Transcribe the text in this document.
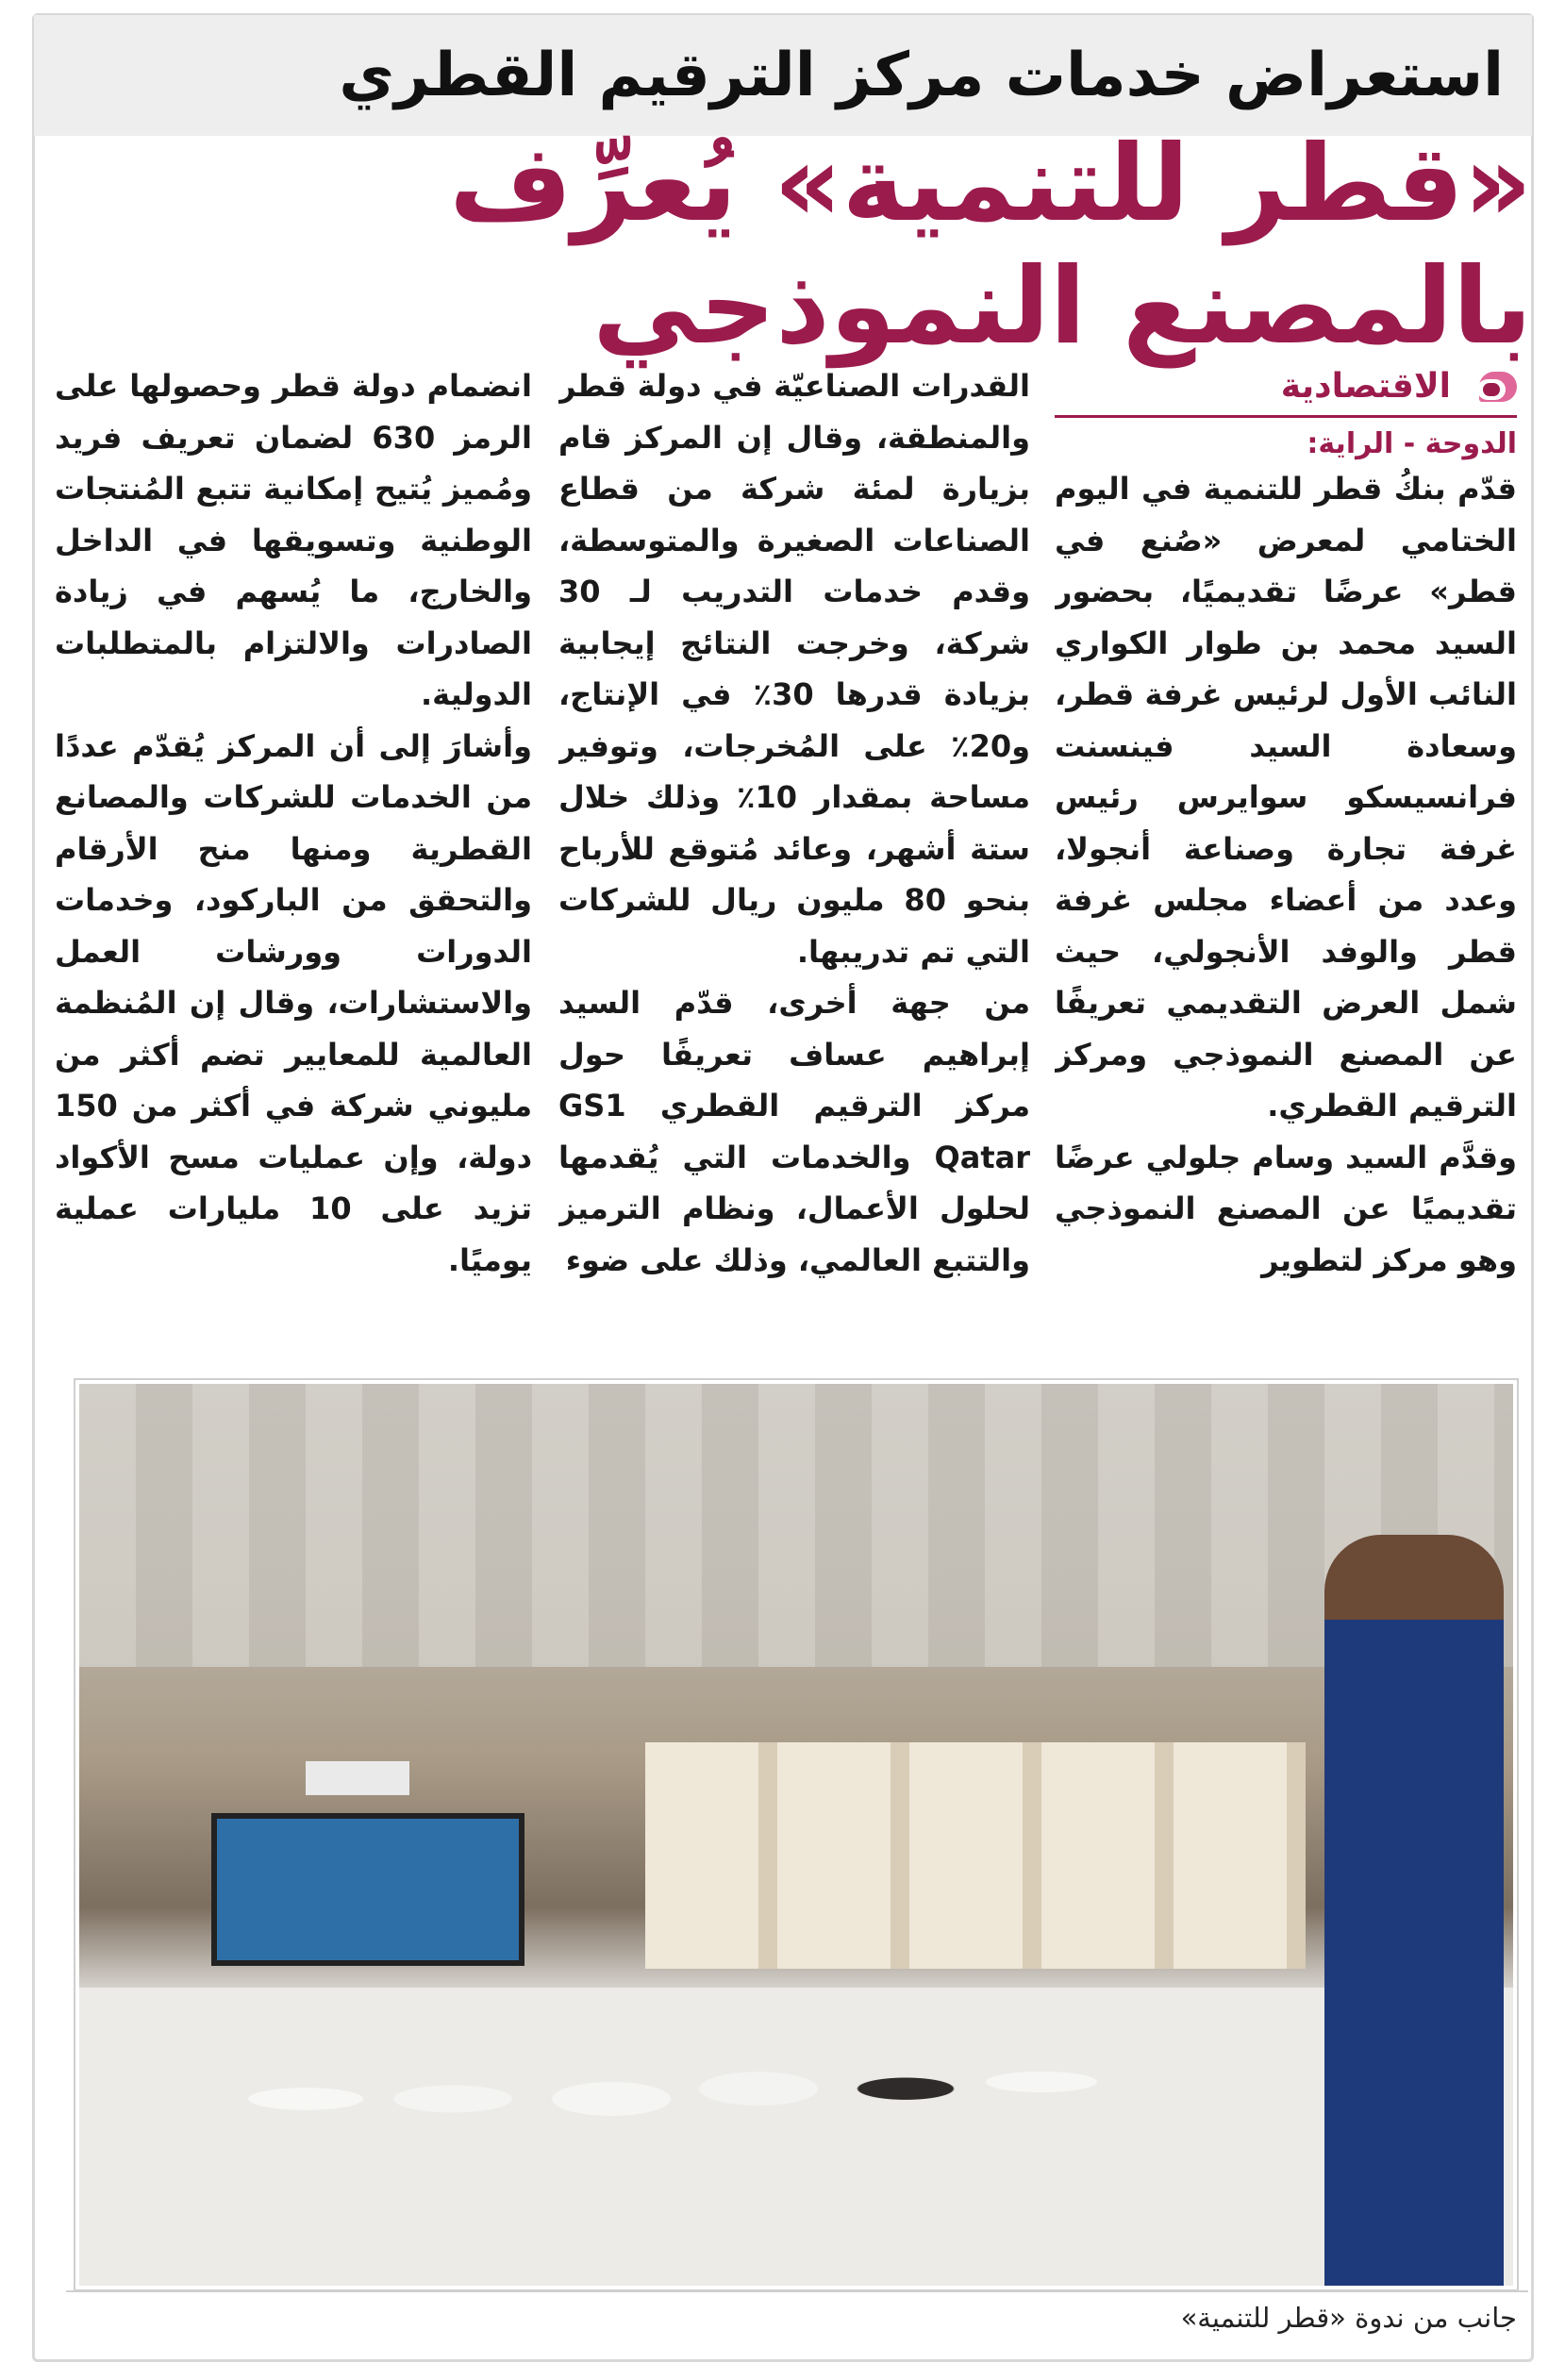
استعراض خدمات مركز الترقيم القطري
«قطر للتنمية» يُعرِّف بالمصنع النموذجي
الاقتصادية
الدوحة - الراية:

قدّم بنكُ قطر للتنمية في اليوم الختامي لمعرض «صُنع في قطر» عرضًا تقديميًا، بحضور السيد محمد بن طوار الكواري النائب الأول لرئيس غرفة قطر، وسعادة السيد فينسنت فرانسيسكو سوايرس رئيس غرفة تجارة وصناعة أنجولا، وعدد من أعضاء مجلس غرفة قطر والوفد الأنجولي، حيث شمل العرض التقديمي تعريفًا عن المصنع النموذجي ومركز الترقيم القطري.

وقدَّم السيد وسام جلولي عرضًا تقديميًا عن المصنع النموذجي وهو مركز لتطوير

القدرات الصناعيّة في دولة قطر والمنطقة، وقال إن المركز قام بزيارة لمئة شركة من قطاع الصناعات الصغيرة والمتوسطة، وقدم خدمات التدريب لـ 30 شركة، وخرجت النتائج إيجابية بزيادة قدرها 30٪ في الإنتاج، و20٪ على المُخرجات، وتوفير مساحة بمقدار 10٪ وذلك خلال ستة أشهر، وعائد مُتوقع للأرباح بنحو 80 مليون ريال للشركات التي تم تدريبها.

من جهة أخرى، قدّم السيد إبراهيم عساف تعريفًا حول مركز الترقيم القطري GS1 Qatar والخدمات التي يُقدمها لحلول الأعمال، ونظام الترميز والتتبع العالمي، وذلك على ضوء

انضمام دولة قطر وحصولها على الرمز 630 لضمان تعريف فريد ومُميز يُتيح إمكانية تتبع المُنتجات الوطنية وتسويقها في الداخل والخارج، ما يُسهم في زيادة الصادرات والالتزام بالمتطلبات الدولية.

وأشارَ إلى أن المركز يُقدّم عددًا من الخدمات للشركات والمصانع القطرية ومنها منح الأرقام والتحقق من الباركود، وخدمات الدورات وورشات العمل والاستشارات، وقال إن المُنظمة العالمية للمعايير تضم أكثر من مليوني شركة في أكثر من 150 دولة، وإن عمليات مسح الأكواد تزيد على 10 مليارات عملية يوميًا.

جانب من ندوة «قطر للتنمية»
